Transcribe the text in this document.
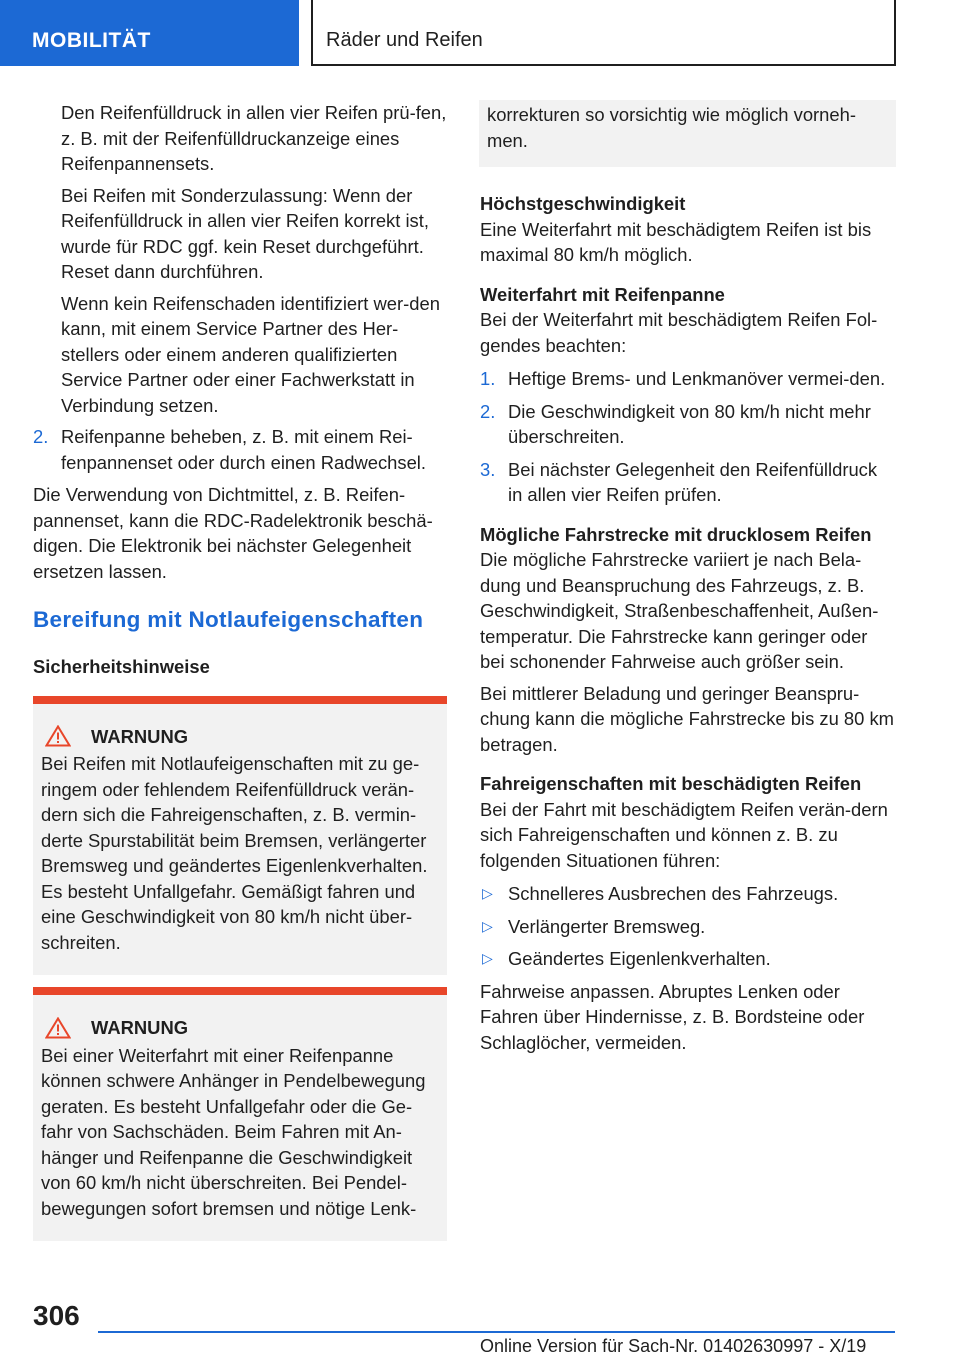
MOBILITÄT	Räder und Reifen
Den Reifenfülldruck in allen vier Reifen prü-fen, z. B. mit der Reifenfülldruckanzeige eines Reifenpannensets.
Bei Reifen mit Sonderzulassung: Wenn der Reifenfülldruck in allen vier Reifen korrekt ist, wurde für RDC ggf. kein Reset durchgeführt. Reset dann durchführen.
Wenn kein Reifenschaden identifiziert wer-den kann, mit einem Service Partner des Her-stellers oder einem anderen qualifizierten Service Partner oder einer Fachwerkstatt in Verbindung setzen.
2. Reifenpanne beheben, z. B. mit einem Rei-fenpannenset oder durch einen Radwechsel.
Die Verwendung von Dichtmittel, z. B. Reifen-pannenset, kann die RDC-Radelektronik beschä-digen. Die Elektronik bei nächster Gelegenheit ersetzen lassen.
Bereifung mit Notlaufeigenschaften
Sicherheitshinweise
WARNUNG
Bei Reifen mit Notlaufeigenschaften mit zu ge-ringem oder fehlendem Reifenfülldruck verän-dern sich die Fahreigenschaften, z. B. vermin-derte Spurstabilität beim Bremsen, verlängerter Bremsweg und geändertes Eigenlenkverhalten. Es besteht Unfallgefahr. Gemäßigt fahren und eine Geschwindigkeit von 80 km/h nicht über-schreiten.
WARNUNG
Bei einer Weiterfahrt mit einer Reifenpanne können schwere Anhänger in Pendelbewegung geraten. Es besteht Unfallgefahr oder die Ge-fahr von Sachschäden. Beim Fahren mit An-hänger und Reifenpanne die Geschwindigkeit von 60 km/h nicht überschreiten. Bei Pendel-bewegungen sofort bremsen und nötige Lenk-
korrekturen so vorsichtig wie möglich vorneh-men.
Höchstgeschwindigkeit
Eine Weiterfahrt mit beschädigtem Reifen ist bis maximal 80 km/h möglich.
Weiterfahrt mit Reifenpanne
Bei der Weiterfahrt mit beschädigtem Reifen Fol-gendes beachten:
1. Heftige Brems- und Lenkmanöver vermei-den.
2. Die Geschwindigkeit von 80 km/h nicht mehr überschreiten.
3. Bei nächster Gelegenheit den Reifenfülldruck in allen vier Reifen prüfen.
Mögliche Fahrstrecke mit drucklosem Reifen
Die mögliche Fahrstrecke variiert je nach Bela-dung und Beanspruchung des Fahrzeugs, z. B. Geschwindigkeit, Straßenbeschaffenheit, Außen-temperatur. Die Fahrstrecke kann geringer oder bei schonender Fahrweise auch größer sein.
Bei mittlerer Beladung und geringer Beanspru-chung kann die mögliche Fahrstrecke bis zu 80 km betragen.
Fahreigenschaften mit beschädigten Reifen
Bei der Fahrt mit beschädigtem Reifen verän-dern sich Fahreigenschaften und können z. B. zu folgenden Situationen führen:
▷ Schnelleres Ausbrechen des Fahrzeugs.
▷ Verlängerter Bremsweg.
▷ Geändertes Eigenlenkverhalten.
Fahrweise anpassen. Abruptes Lenken oder Fahren über Hindernisse, z. B. Bordsteine oder Schlaglöcher, vermeiden.
306
Online Version für Sach-Nr. 01402630997 - X/19
